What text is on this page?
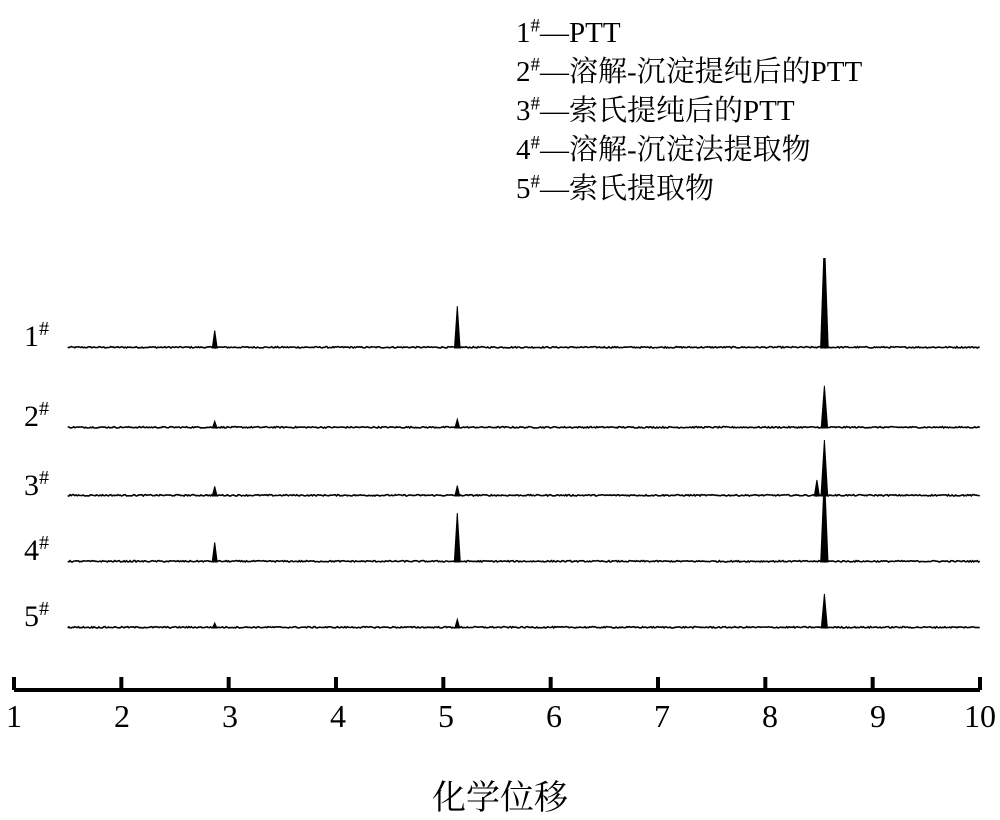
1#—PTT
2#—溶解-沉淀提纯后的PTT
3#—索氏提纯后的PTT
4#—溶解-沉淀法提取物
5#—索氏提取物
1#
2#
3#
4#
5#
1	2	3	4	5	6	7	8	9 10
化学位移
